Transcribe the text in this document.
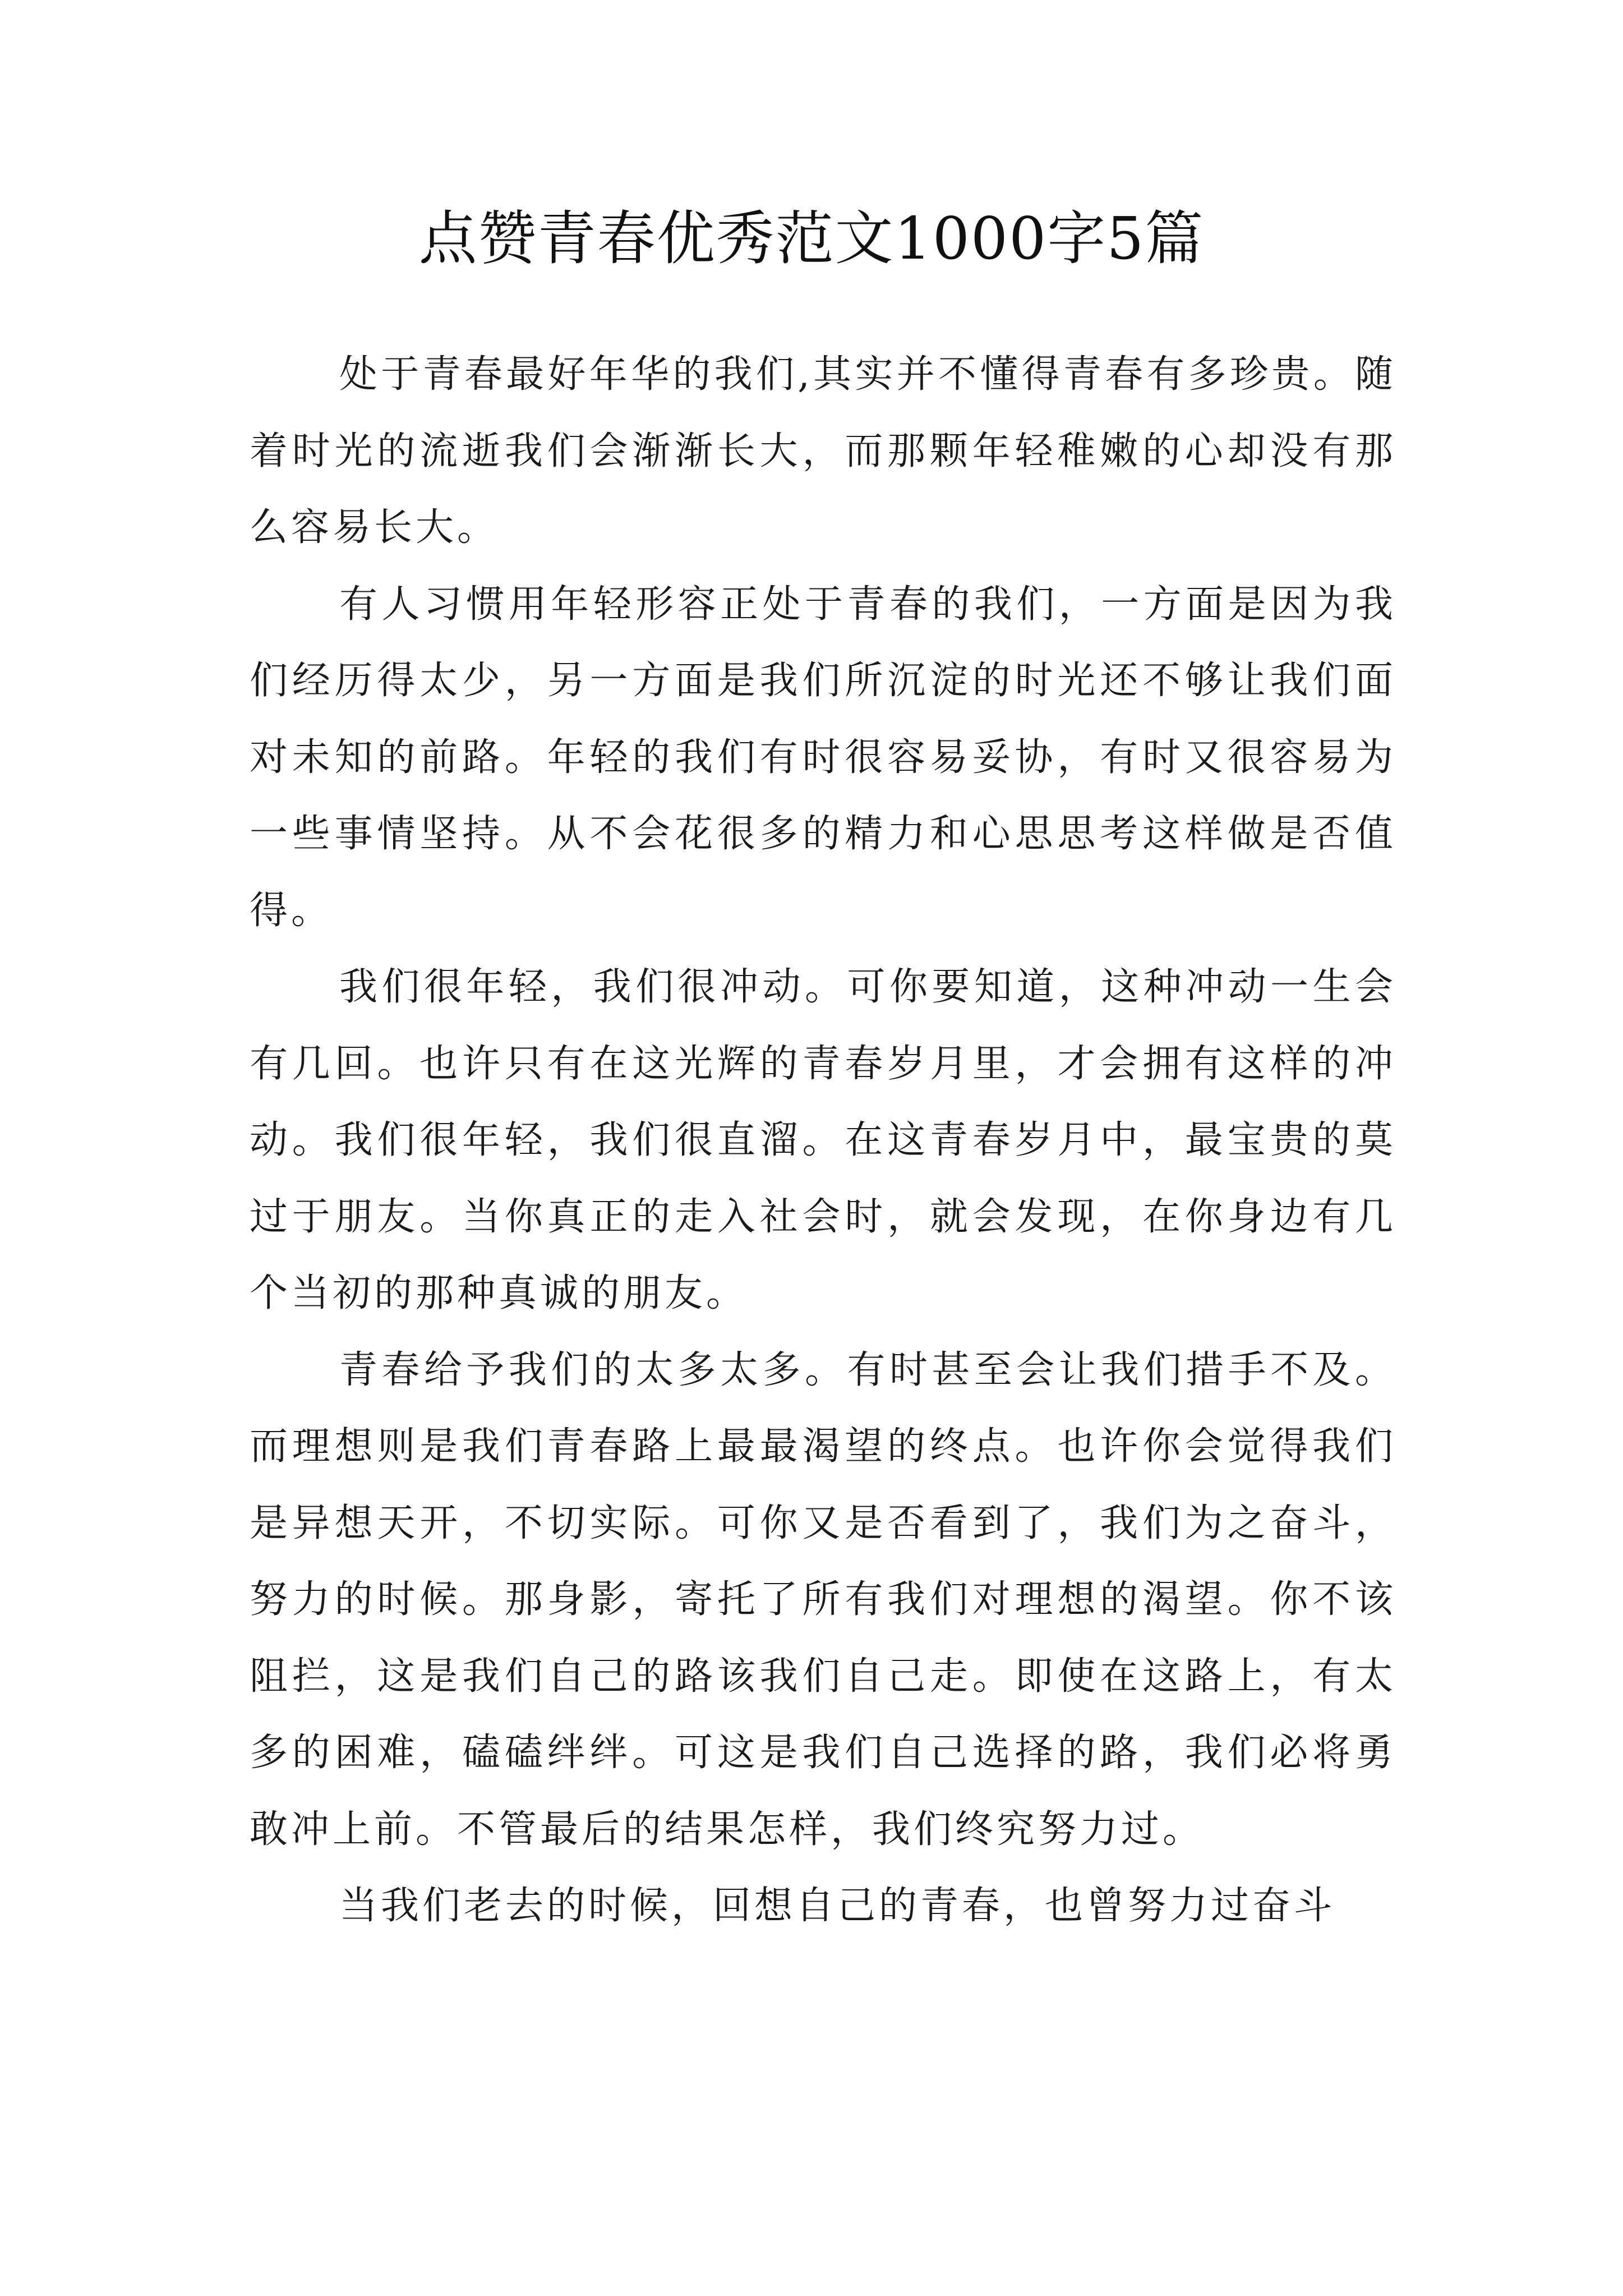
点赞青春优秀范文1000字5篇

处于青春最好年华的我们,其实并不懂得青春有多珍贵。随着时光的流逝我们会渐渐长大，而那颗年轻稚嫩的心却没有那么容易长大。

有人习惯用年轻形容正处于青春的我们，一方面是因为我们经历得太少，另一方面是我们所沉淀的时光还不够让我们面对未知的前路。年轻的我们有时很容易妥协，有时又很容易为一些事情坚持。从不会花很多的精力和心思思考这样做是否值得。

我们很年轻，我们很冲动。可你要知道，这种冲动一生会有几回。也许只有在这光辉的青春岁月里，才会拥有这样的冲动。我们很年轻，我们很直溜。在这青春岁月中，最宝贵的莫过于朋友。当你真正的走入社会时，就会发现，在你身边有几个当初的那种真诚的朋友。

青春给予我们的太多太多。有时甚至会让我们措手不及。而理想则是我们青春路上最最渴望的终点。也许你会觉得我们是异想天开，不切实际。可你又是否看到了，我们为之奋斗，努力的时候。那身影，寄托了所有我们对理想的渴望。你不该阻拦，这是我们自己的路该我们自己走。即使在这路上，有太多的困难，磕磕绊绊。可这是我们自己选择的路，我们必将勇敢冲上前。不管最后的结果怎样，我们终究努力过。

当我们老去的时候，回想自己的青春，也曾努力过奋斗
